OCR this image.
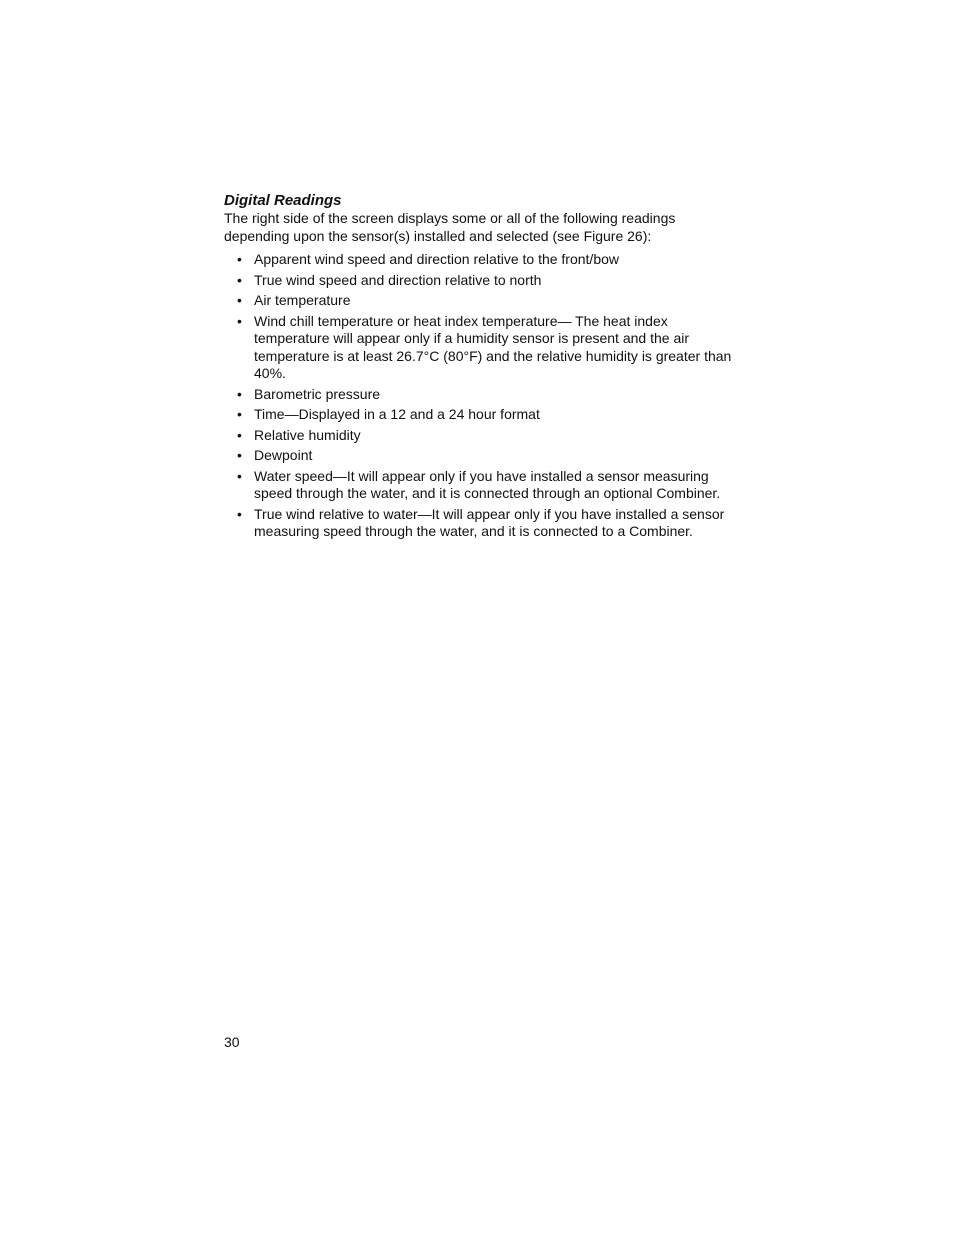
Digital Readings

The right side of the screen displays some or all of the following readings depending upon the sensor(s) installed and selected (see Figure 26):

• Apparent wind speed and direction relative to the front/bow
• True wind speed and direction relative to north
• Air temperature
• Wind chill temperature or heat index temperature— The heat index temperature will appear only if a humidity sensor is present and the air temperature is at least 26.7°C (80°F) and the relative humidity is greater than 40%.
• Barometric pressure
• Time—Displayed in a 12 and a 24 hour format
• Relative humidity
• Dewpoint
• Water speed—It will appear only if you have installed a sensor measuring speed through the water, and it is connected through an optional Combiner.
• True wind relative to water—It will appear only if you have installed a sensor measuring speed through the water, and it is connected to a Combiner.
30
